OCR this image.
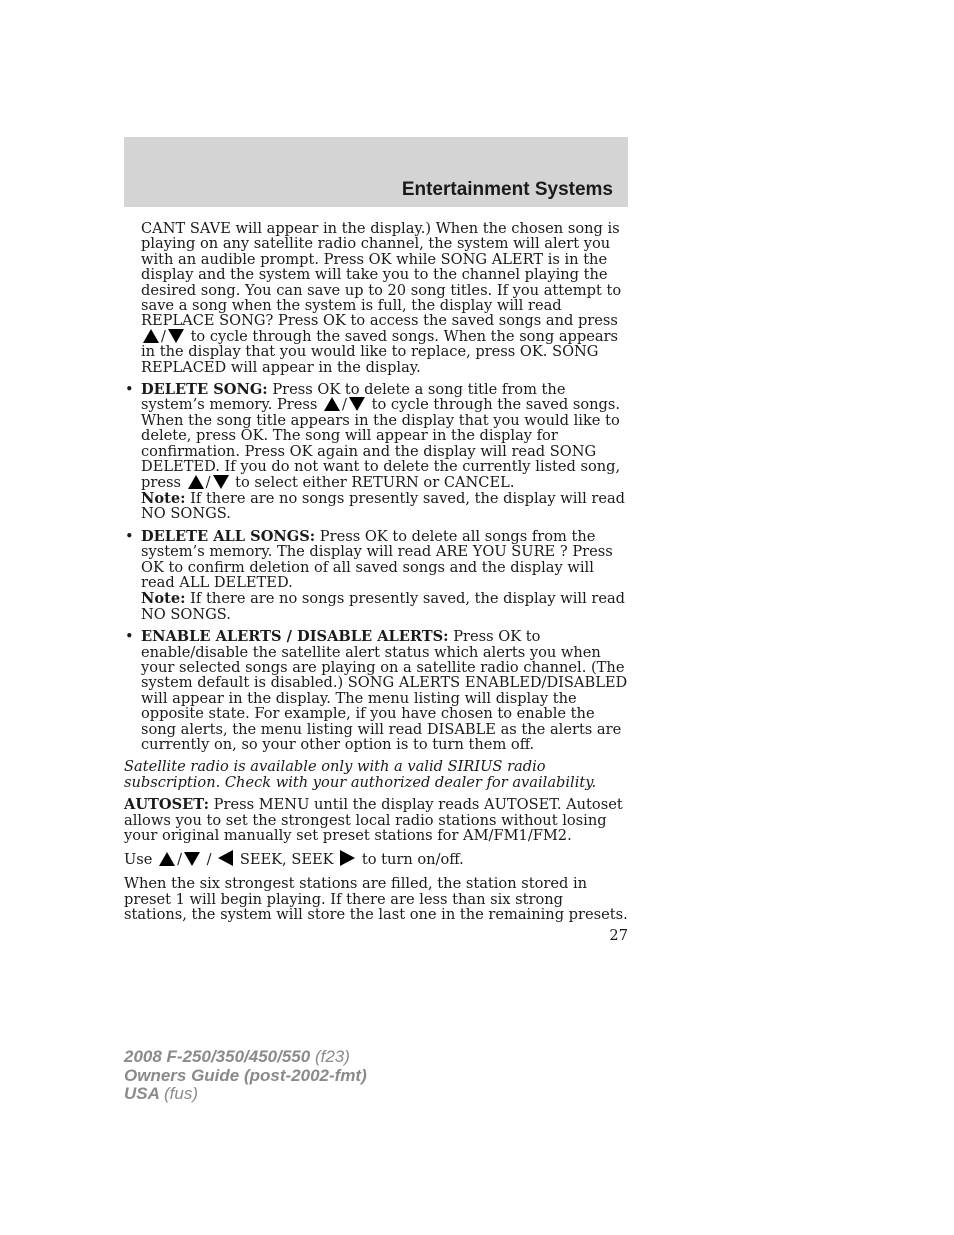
Entertainment Systems

CANT SAVE will appear in the display.) When the chosen song is playing on any satellite radio channel, the system will alert you with an audible prompt. Press OK while SONG ALERT is in the display and the system will take you to the channel playing the desired song. You can save up to 20 song titles. If you attempt to save a song when the system is full, the display will read REPLACE SONG? Press OK to access the saved songs and press / to cycle through the saved songs. When the song appears in the display that you would like to replace, press OK. SONG REPLACED will appear in the display.

• DELETE SONG: Press OK to delete a song title from the system’s memory. Press / to cycle through the saved songs. When the song title appears in the display that you would like to delete, press OK. The song will appear in the display for confirmation. Press OK again and the display will read SONG DELETED. If you do not want to delete the currently listed song, press / to select either RETURN or CANCEL.

Note: If there are no songs presently saved, the display will read NO SONGS.

• DELETE ALL SONGS: Press OK to delete all songs from the system’s memory. The display will read ARE YOU SURE ? Press OK to confirm deletion of all saved songs and the display will read ALL DELETED.

Note: If there are no songs presently saved, the display will read NO SONGS.

• ENABLE ALERTS / DISABLE ALERTS: Press OK to enable/disable the satellite alert status which alerts you when your selected songs are playing on a satellite radio channel. (The system default is disabled.) SONG ALERTS ENABLED/DISABLED will appear in the display. The menu listing will display the opposite state. For example, if you have chosen to enable the song alerts, the menu listing will read DISABLE as the alerts are currently on, so your other option is to turn them off.

Satellite radio is available only with a valid SIRIUS radio subscription. Check with your authorized dealer for availability.

AUTOSET: Press MENU until the display reads AUTOSET. Autoset allows you to set the strongest local radio stations without losing your original manually set preset stations for AM/FM1/FM2.

Use / / SEEK, SEEK to turn on/off.

When the six strongest stations are filled, the station stored in preset 1 will begin playing. If there are less than six strong stations, the system will store the last one in the remaining presets.

27
2008 F-250/350/450/550 (f23)
Owners Guide (post-2002-fmt)
USA (fus)
